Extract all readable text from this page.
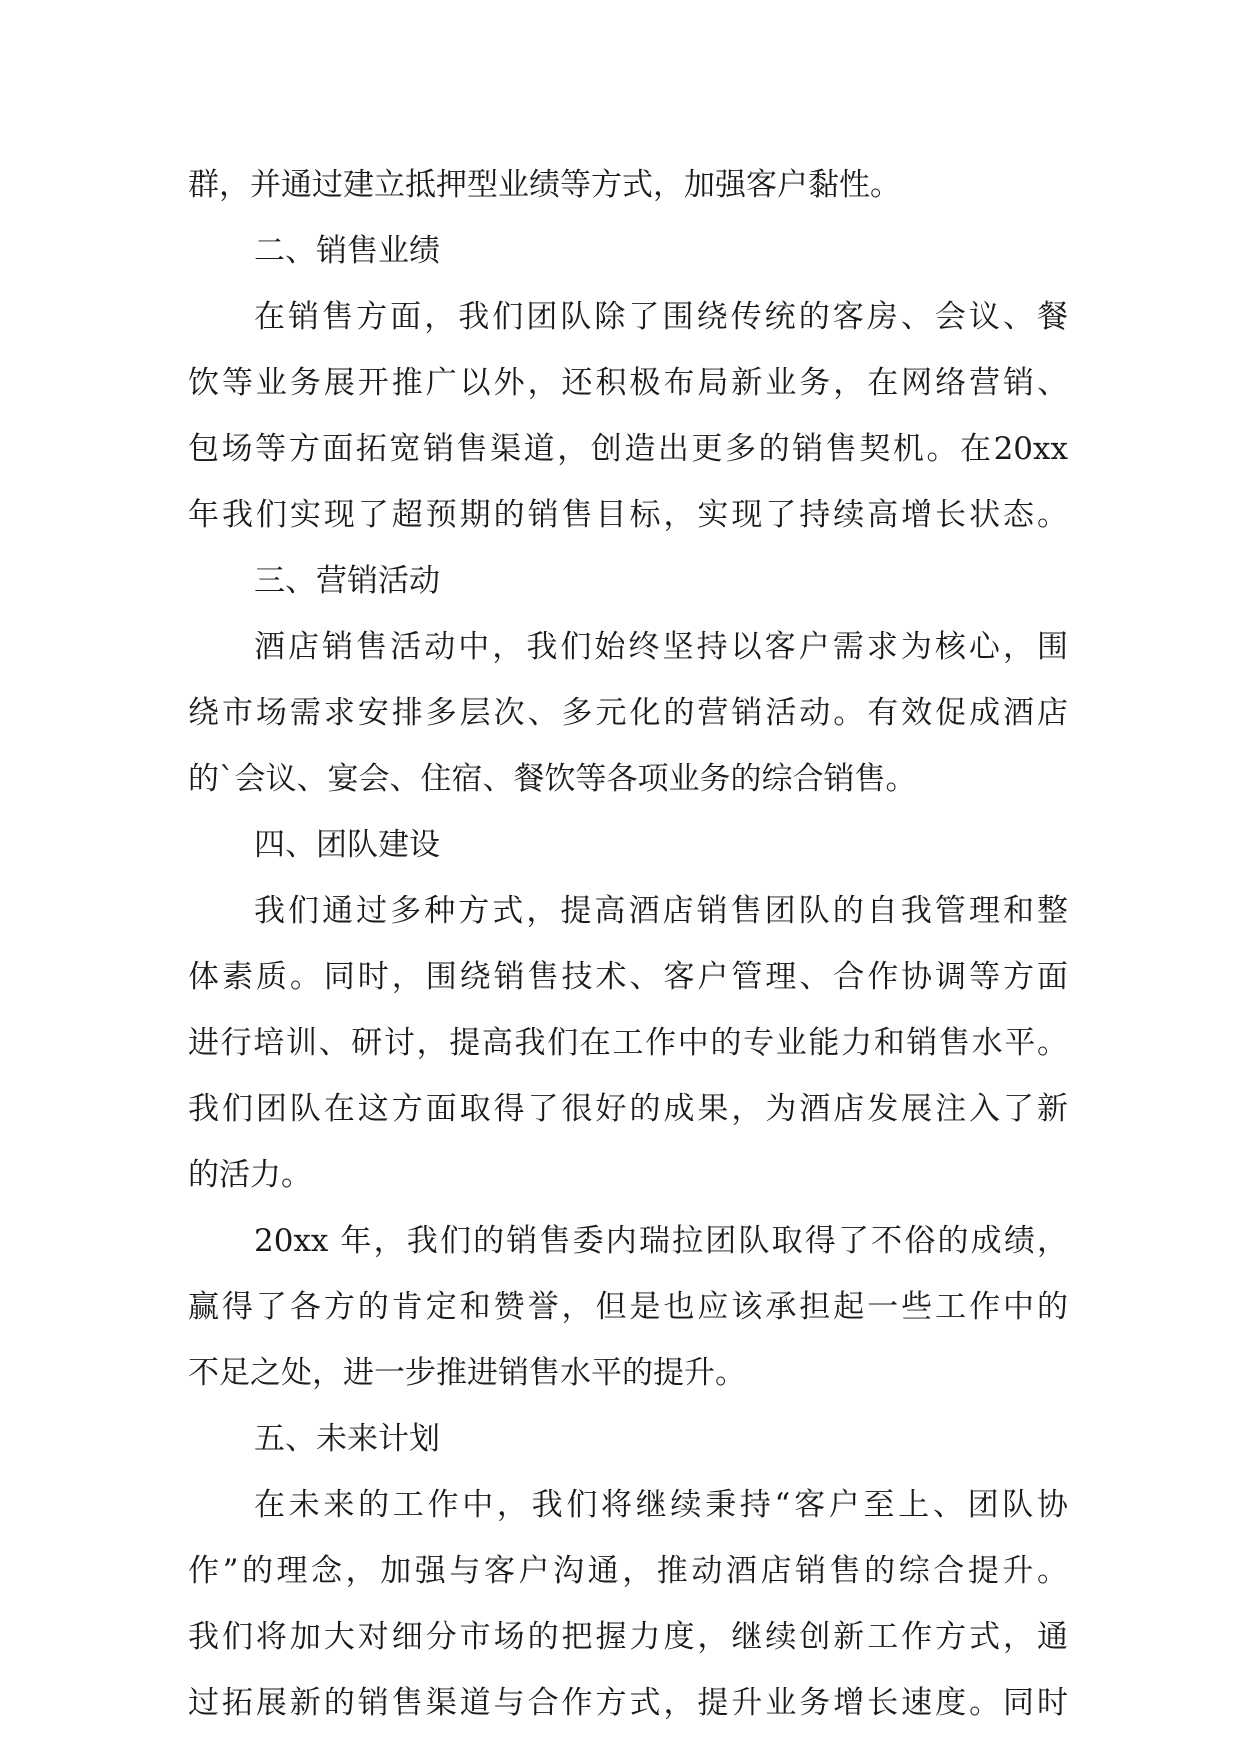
群，并通过建立抵押型业绩等方式，加强客户黏性。
二、销售业绩
在销售方面，我们团队除了围绕传统的客房、会议、餐
饮等业务展开推广以外，还积极布局新业务，在网络营销、
包场等方面拓宽销售渠道，创造出更多的销售契机。在20xx
年我们实现了超预期的销售目标，实现了持续高增长状态。
三、营销活动
酒店销售活动中，我们始终坚持以客户需求为核心，围
绕市场需求安排多层次、多元化的营销活动。有效促成酒店
的`会议、宴会、住宿、餐饮等各项业务的综合销售。
四、团队建设
我们通过多种方式，提高酒店销售团队的自我管理和整
体素质。同时，围绕销售技术、客户管理、合作协调等方面
进行培训、研讨，提高我们在工作中的专业能力和销售水平。
我们团队在这方面取得了很好的成果，为酒店发展注入了新
的活力。
20xx 年，我们的销售委内瑞拉团队取得了不俗的成绩，
赢得了各方的肯定和赞誉，但是也应该承担起一些工作中的
不足之处，进一步推进销售水平的提升。
五、未来计划
在未来的工作中，我们将继续秉持“客户至上、团队协
作”的理念，加强与客户沟通，推动酒店销售的综合提升。
我们将加大对细分市场的把握力度，继续创新工作方式，通
过拓展新的销售渠道与合作方式，提升业务增长速度。同时
